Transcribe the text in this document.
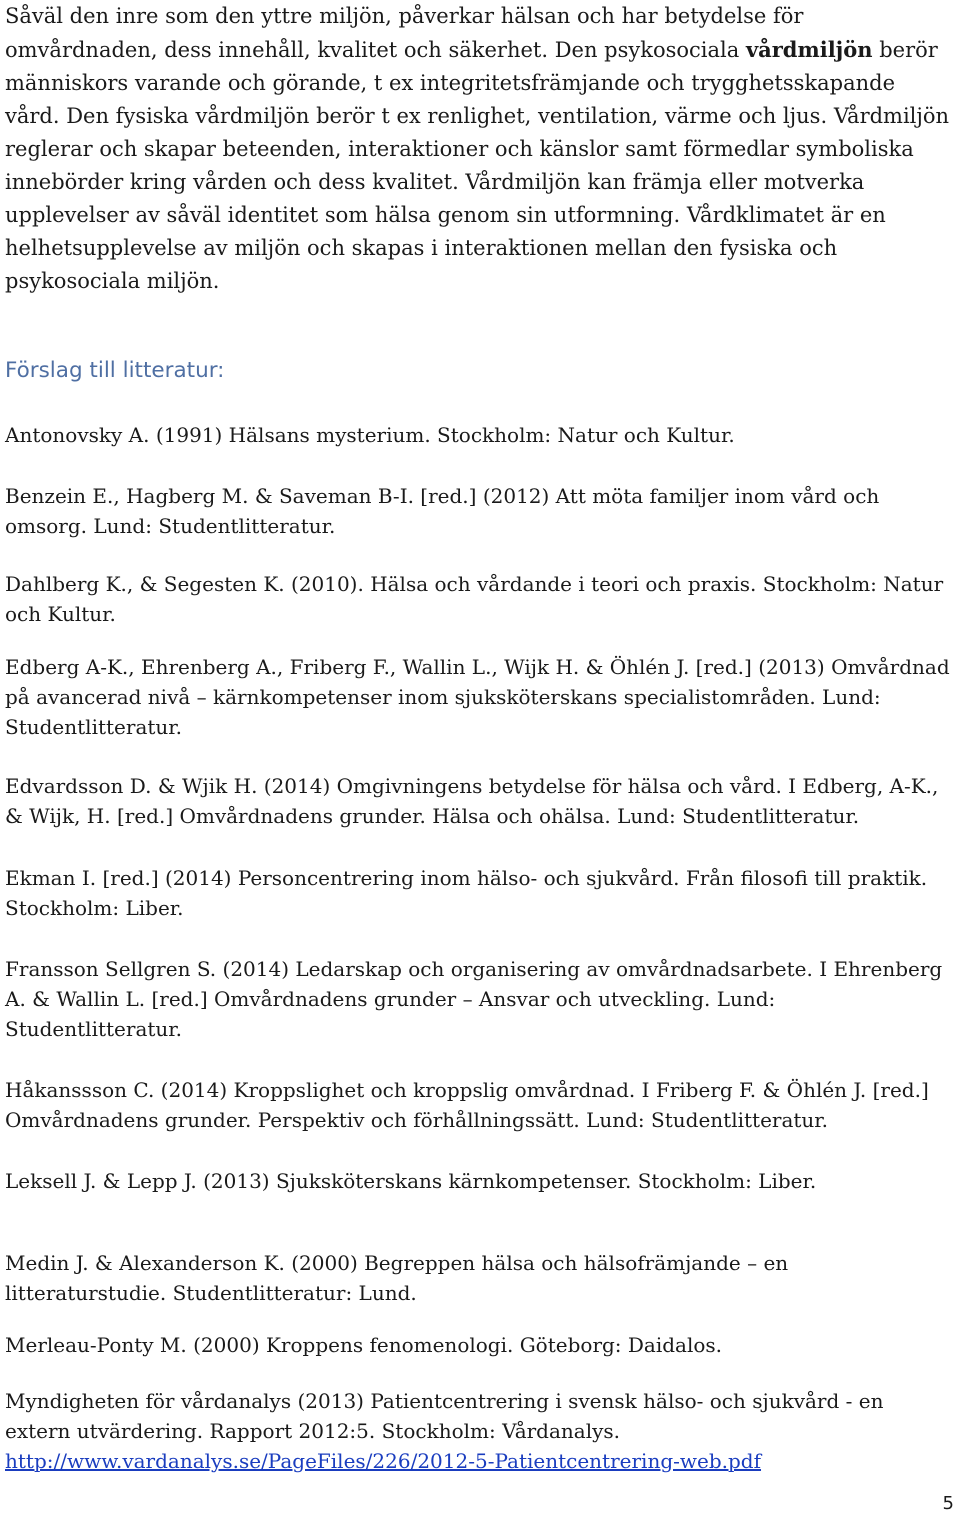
Såväl den inre som den yttre miljön, påverkar hälsan och har betydelse för omvårdnaden, dess innehåll, kvalitet och säkerhet. Den psykosociala vårdmiljön berör människors varande och görande, t ex integritetsfrämjande och trygghetsskapande vård. Den fysiska vårdmiljön berör t ex renlighet, ventilation, värme och ljus. Vårdmiljön reglerar och skapar beteenden, interaktioner och känslor samt förmedlar symboliska innebörder kring vården och dess kvalitet. Vårdmiljön kan främja eller motverka upplevelser av såväl identitet som hälsa genom sin utformning. Vårdklimatet är en helhetsupplevelse av miljön och skapas i interaktionen mellan den fysiska och psykosociala miljön.

Förslag till litteratur:

Antonovsky A. (1991) Hälsans mysterium. Stockholm: Natur och Kultur.

Benzein E., Hagberg M. & Saveman B-I. [red.] (2012) Att möta familjer inom vård och omsorg. Lund: Studentlitteratur.

Dahlberg K., & Segesten K. (2010). Hälsa och vårdande i teori och praxis. Stockholm: Natur och Kultur.

Edberg A-K., Ehrenberg A., Friberg F., Wallin L., Wijk H. & Öhlén J. [red.] (2013) Omvårdnad på avancerad nivå – kärnkompetenser inom sjuksköterskans specialistområden. Lund: Studentlitteratur.

Edvardsson D. & Wjik H. (2014) Omgivningens betydelse för hälsa och vård. I Edberg, A-K., & Wijk, H. [red.] Omvårdnadens grunder. Hälsa och ohälsa. Lund: Studentlitteratur.

Ekman I. [red.] (2014) Personcentrering inom hälso- och sjukvård. Från filosofi till praktik. Stockholm: Liber.

Fransson Sellgren S. (2014) Ledarskap och organisering av omvårdnadsarbete. I Ehrenberg A. & Wallin L. [red.] Omvårdnadens grunder – Ansvar och utveckling. Lund: Studentlitteratur.

Håkanssson C. (2014) Kroppslighet och kroppslig omvårdnad. I Friberg F. & Öhlén J. [red.] Omvårdnadens grunder. Perspektiv och förhållningssätt. Lund: Studentlitteratur.

Leksell J. & Lepp J. (2013) Sjuksköterskans kärnkompetenser. Stockholm: Liber.

Medin J. & Alexanderson K. (2000) Begreppen hälsa och hälsofrämjande – en litteraturstudie. Studentlitteratur: Lund.

Merleau-Ponty M. (2000) Kroppens fenomenologi. Göteborg: Daidalos.

Myndigheten för vårdanalys (2013) Patientcentrering i svensk hälso- och sjukvård - en extern utvärdering. Rapport 2012:5. Stockholm: Vårdanalys.
http://www.vardanalys.se/PageFiles/226/2012-5-Patientcentrering-web.pdf

5
